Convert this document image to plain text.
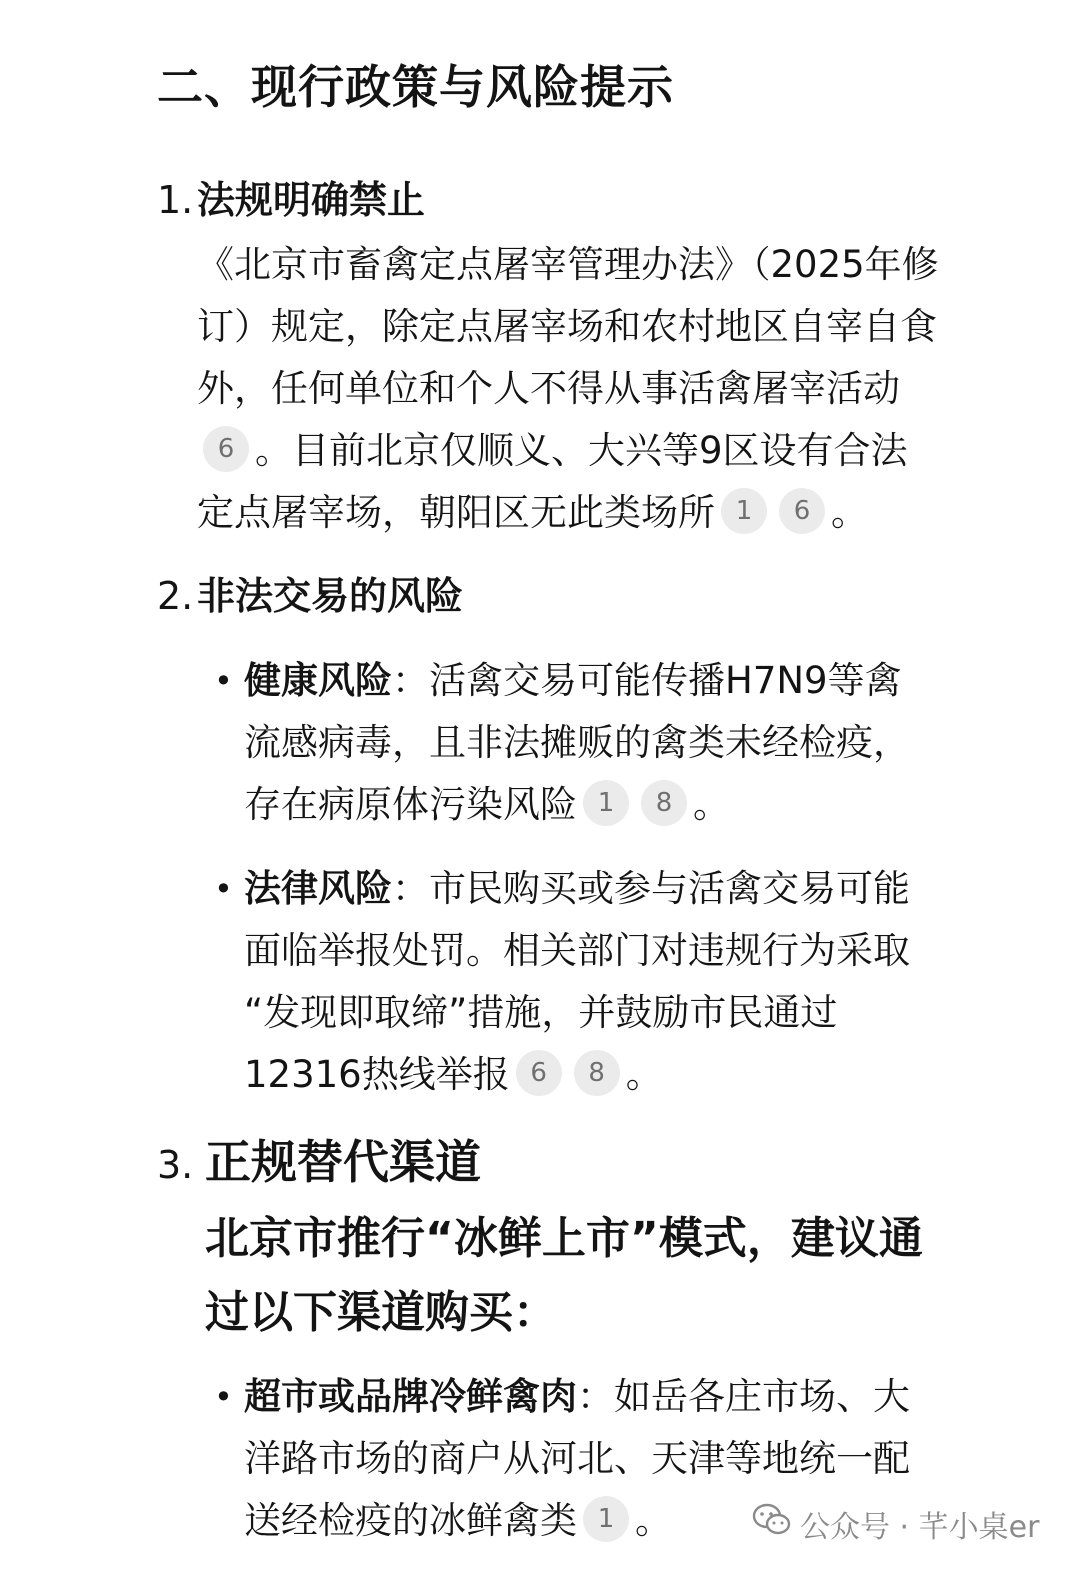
二、现行政策与风险提示
1.法规明确禁止
《北京市畜禽定点屠宰管理办法》（2025年修
订）规定，除定点屠宰场和农村地区自宰自食
外，任何单位和个人不得从事活禽屠宰活动
6 。目前北京仅顺义、大兴等9区设有合法
定点屠宰场，朝阳区无此类场所 1 6 。
2.非法交易的风险
• 健康风险：活禽交易可能传播H7N9等禽
流感病毒，且非法摊贩的禽类未经检疫，
存在病原体污染风险 1 8 。
• 法律风险：市民购买或参与活禽交易可能
面临举报处罚。相关部门对违规行为采取
“发现即取缔”措施，并鼓励市民通过
12316热线举报 6 8 。
3. 正规替代渠道
北京市推行“冰鲜上市”模式，建议通
过以下渠道购买：
• 超市或品牌冷鲜禽肉：如岳各庄市场、大
洋路市场的商户从河北、天津等地统一配
送经检疫的冰鲜禽类 1 。	公众号 · 芊小桌er
